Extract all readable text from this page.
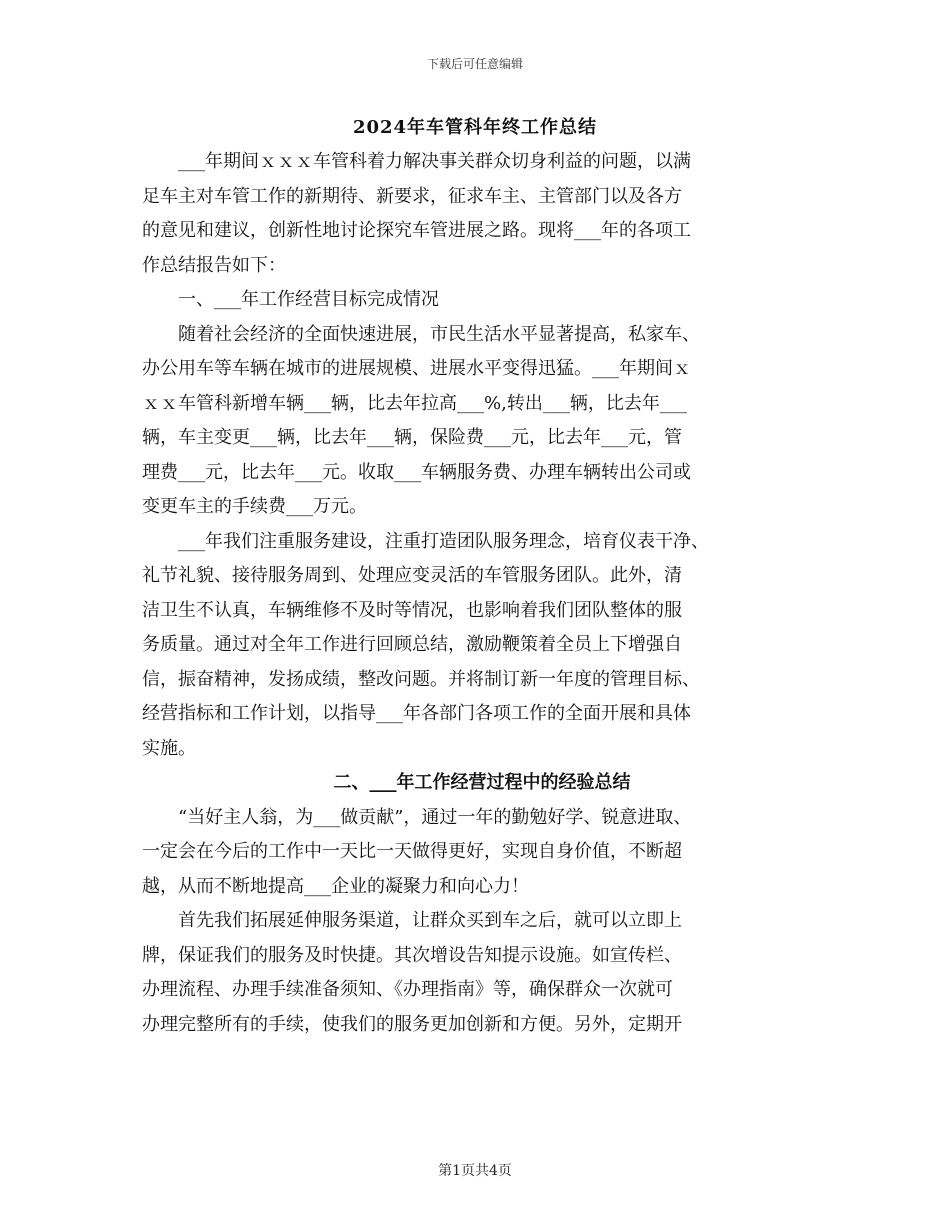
下载后可任意编辑
2024年车管科年终工作总结
　　___年期间ｘｘｘ车管科着力解决事关群众切身利益的问题，以满
足车主对车管工作的新期待、新要求，征求车主、主管部门以及各方
的意见和建议，创新性地讨论探究车管进展之路。现将___年的各项工
作总结报告如下：
　　一、___年工作经营目标完成情况
　　随着社会经济的全面快速进展，市民生活水平显著提高，私家车、
办公用车等车辆在城市的进展规模、进展水平变得迅猛。___年期间ｘ
ｘｘ车管科新增车辆___辆，比去年拉高___%,转出___辆，比去年___
辆，车主变更___辆，比去年___辆，保险费___元，比去年___元，管
理费___元，比去年___元。收取___车辆服务费、办理车辆转出公司或
变更车主的手续费___万元。
　　___年我们注重服务建设，注重打造团队服务理念，培育仪表干净、
礼节礼貌、接待服务周到、处理应变灵活的车管服务团队。此外，清
洁卫生不认真，车辆维修不及时等情况，也影响着我们团队整体的服
务质量。通过对全年工作进行回顾总结，激励鞭策着全员上下增强自
信，振奋精神，发扬成绩，整改问题。并将制订新一年度的管理目标、
经营指标和工作计划，以指导___年各部门各项工作的全面开展和具体
实施。
二、___年工作经营过程中的经验总结
　　“当好主人翁，为___做贡献”，通过一年的勤勉好学、锐意进取、
一定会在今后的工作中一天比一天做得更好，实现自身价值，不断超
越，从而不断地提高___企业的凝聚力和向心力！
　　首先我们拓展延伸服务渠道，让群众买到车之后，就可以立即上
牌，保证我们的服务及时快捷。其次增设告知提示设施。如宣传栏、
办理流程、办理手续准备须知、《办理指南》等，确保群众一次就可
办理完整所有的手续，使我们的服务更加创新和方便。另外，定期开
第1页共4页
